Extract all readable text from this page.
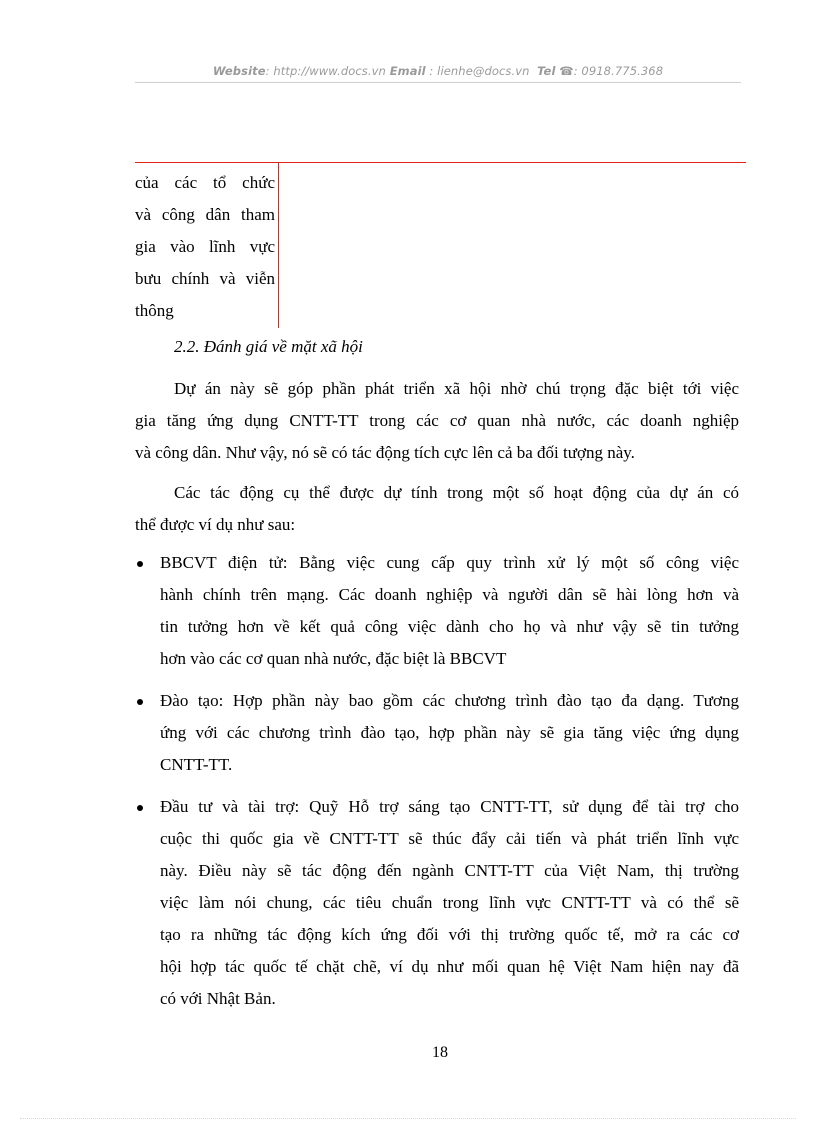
Website: http://www.docs.vn Email : lienhe@docs.vn Tel ☎: 0918.775.368
của các tổ chức
và công dân tham
gia vào lĩnh vực
bưu chính và viễn
thông
2.2. Đánh giá về mặt xã hội
Dự án này sẽ góp phần phát triển xã hội nhờ chú trọng đặc biệt tới việc
gia tăng ứng dụng CNTT-TT trong các cơ quan nhà nước, các doanh nghiệp
và công dân. Như vậy, nó sẽ có tác động tích cực lên cả ba đối tượng này.
Các tác động cụ thể được dự tính trong một số hoạt động của dự án có
thể được ví dụ như sau:
BBCVT điện tử: Bằng việc cung cấp quy trình xử lý một số công việc
hành chính trên mạng. Các doanh nghiệp và người dân sẽ hài lòng hơn và
tin tưởng hơn về kết quả công việc dành cho họ và như vậy sẽ tin tưởng
hơn vào các cơ quan nhà nước, đặc biệt là BBCVT
Đào tạo: Hợp phần này bao gồm các chương trình đào tạo đa dạng. Tương
ứng với các chương trình đào tạo, hợp phần này sẽ gia tăng việc ứng dụng
CNTT-TT.
Đầu tư và tài trợ: Quỹ Hỗ trợ sáng tạo CNTT-TT, sử dụng để tài trợ cho
cuộc thi quốc gia về CNTT-TT sẽ thúc đẩy cải tiến và phát triển lĩnh vực
này. Điều này sẽ tác động đến ngành CNTT-TT của Việt Nam, thị trường
việc làm nói chung, các tiêu chuẩn trong lĩnh vực CNTT-TT và có thể sẽ
tạo ra những tác động kích ứng đối với thị trường quốc tế, mở ra các cơ
hội hợp tác quốc tế chặt chẽ, ví dụ như mối quan hệ Việt Nam hiện nay đã
có với Nhật Bản.
18
